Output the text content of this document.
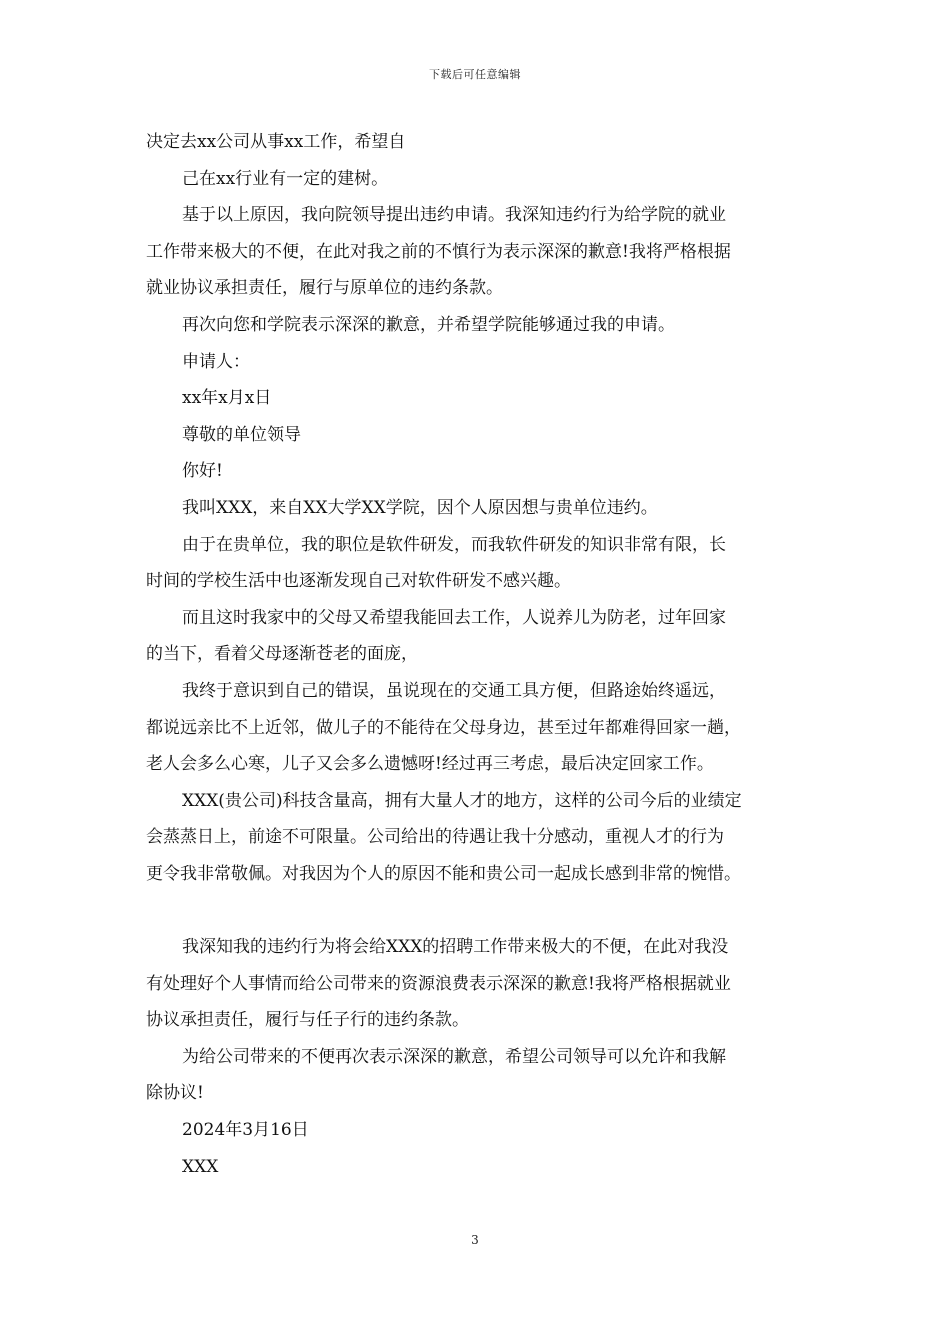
下载后可任意编辑

决定去xx公司从事xx工作，希望自

己在xx行业有一定的建树。

基于以上原因，我向院领导提出违约申请。我深知违约行为给学院的就业

工作带来极大的不便，在此对我之前的不慎行为表示深深的歉意!我将严格根据

就业协议承担责任，履行与原单位的违约条款。

再次向您和学院表示深深的歉意，并希望学院能够通过我的申请。

申请人：

xx年x月x日

尊敬的单位领导

你好!

我叫XXX，来自XX大学XX学院，因个人原因想与贵单位违约。

由于在贵单位，我的职位是软件研发，而我软件研发的知识非常有限，长

时间的学校生活中也逐渐发现自己对软件研发不感兴趣。

而且这时我家中的父母又希望我能回去工作，人说养儿为防老，过年回家

的当下，看着父母逐渐苍老的面庞，

我终于意识到自己的错误，虽说现在的交通工具方便，但路途始终遥远，

都说远亲比不上近邻，做儿子的不能待在父母身边，甚至过年都难得回家一趟，

老人会多么心寒，儿子又会多么遗憾呀!经过再三考虑，最后决定回家工作。

XXX(贵公司)科技含量高，拥有大量人才的地方，这样的公司今后的业绩定

会蒸蒸日上，前途不可限量。公司给出的待遇让我十分感动，重视人才的行为

更令我非常敬佩。对我因为个人的原因不能和贵公司一起成长感到非常的惋惜。

我深知我的违约行为将会给XXX的招聘工作带来极大的不便，在此对我没

有处理好个人事情而给公司带来的资源浪费表示深深的歉意!我将严格根据就业

协议承担责任，履行与任子行的违约条款。

为给公司带来的不便再次表示深深的歉意，希望公司领导可以允许和我解

除协议!

2024年3月16日

XXX

3
